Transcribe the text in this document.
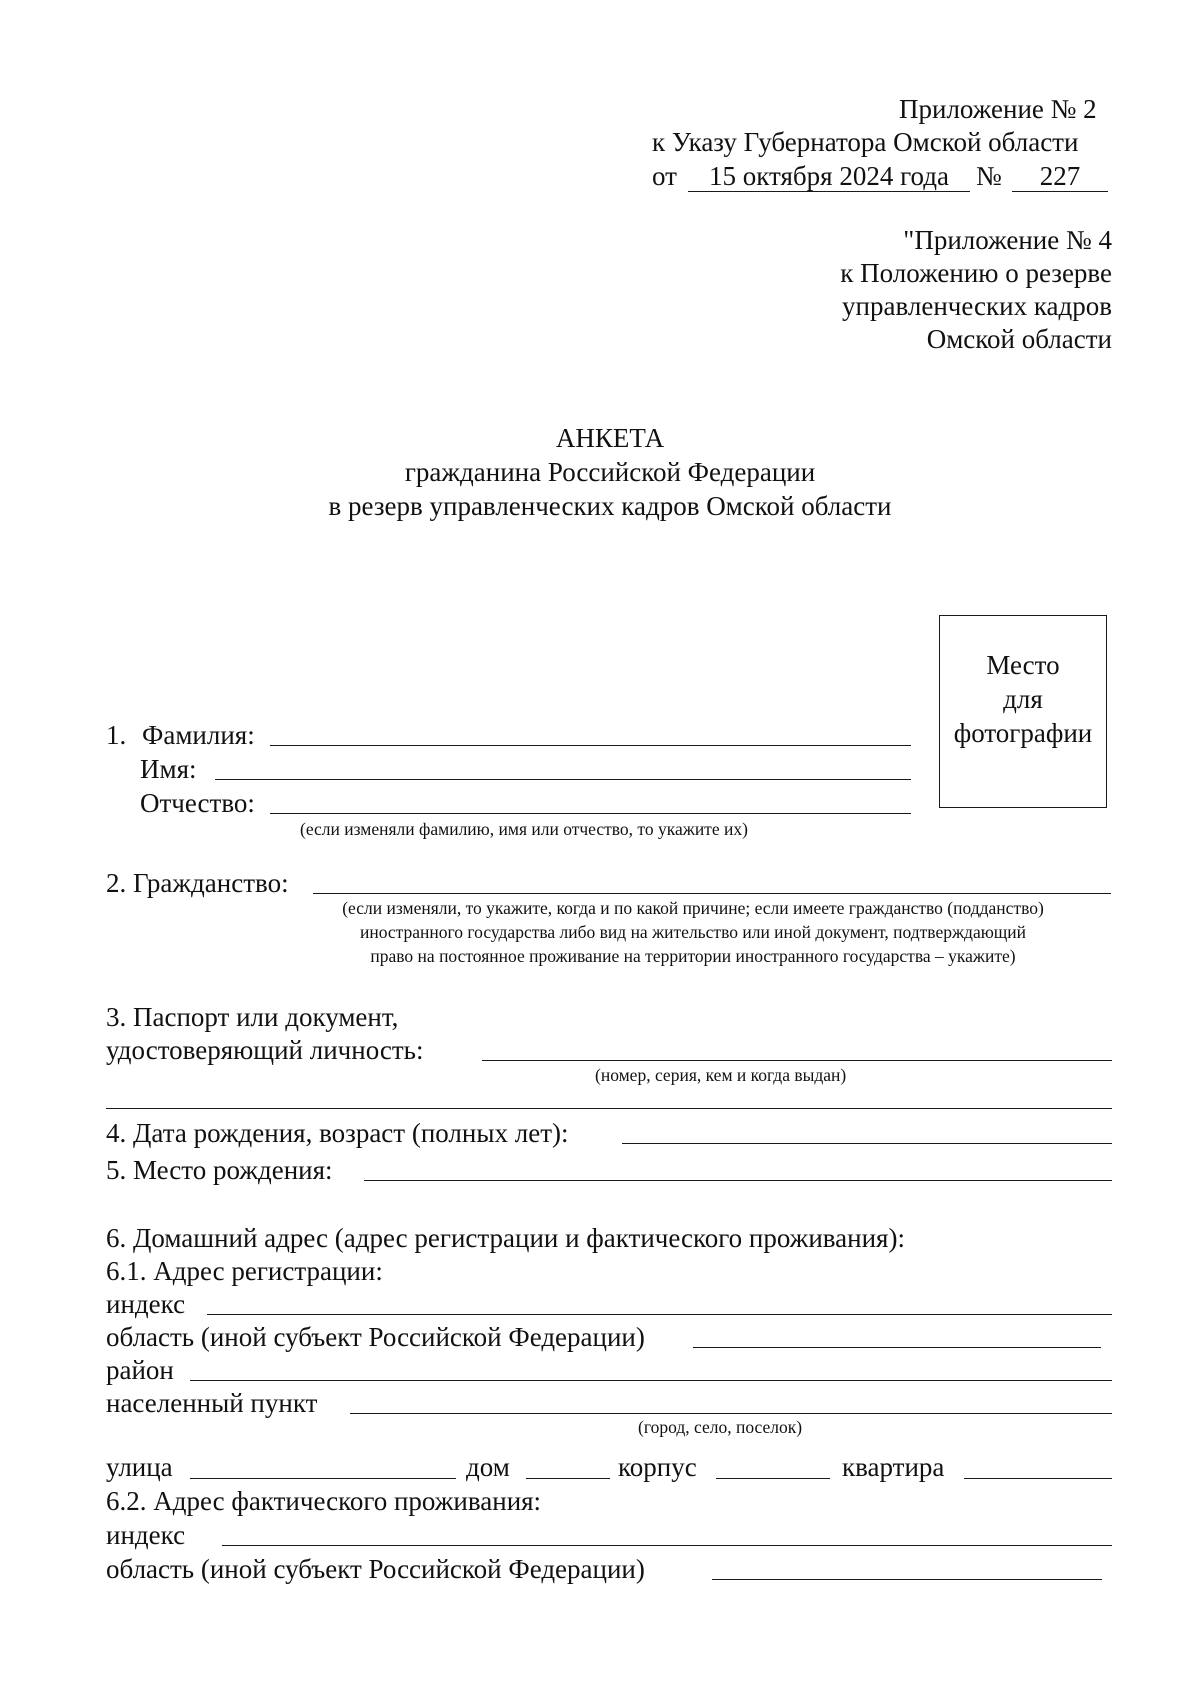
Приложение № 2
к Указу Губернатора Омской области
от	15 октября 2024 года	№	227
"Приложение № 4
к Положению о резерве
управленческих кадров
Омской области
АНКЕТА
гражданина Российской Федерации
в резерв управленческих кадров Омской области
Место
для
фотографии
1. Фамилия:
Имя:
Отчество:
(если изменяли фамилию, имя или отчество, то укажите их)
2. Гражданство:
(если изменяли, то укажите, когда и по какой причине; если имеете гражданство (подданство)
иностранного государства либо вид на жительство или иной документ, подтверждающий
право на постоянное проживание на территории иностранного государства – укажите)
3. Паспорт или документ,
удостоверяющий личность:
(номер, серия, кем и когда выдан)
4. Дата рождения, возраст (полных лет):
5. Место рождения:
6. Домашний адрес (адрес регистрации и фактического проживания):
6.1. Адрес регистрации:
индекс
область (иной субъект Российской Федерации)
район
населенный пункт
(город, село, поселок)
улица	дом	корпус	квартира
6.2. Адрес фактического проживания:
индекс
область (иной субъект Российской Федерации)
